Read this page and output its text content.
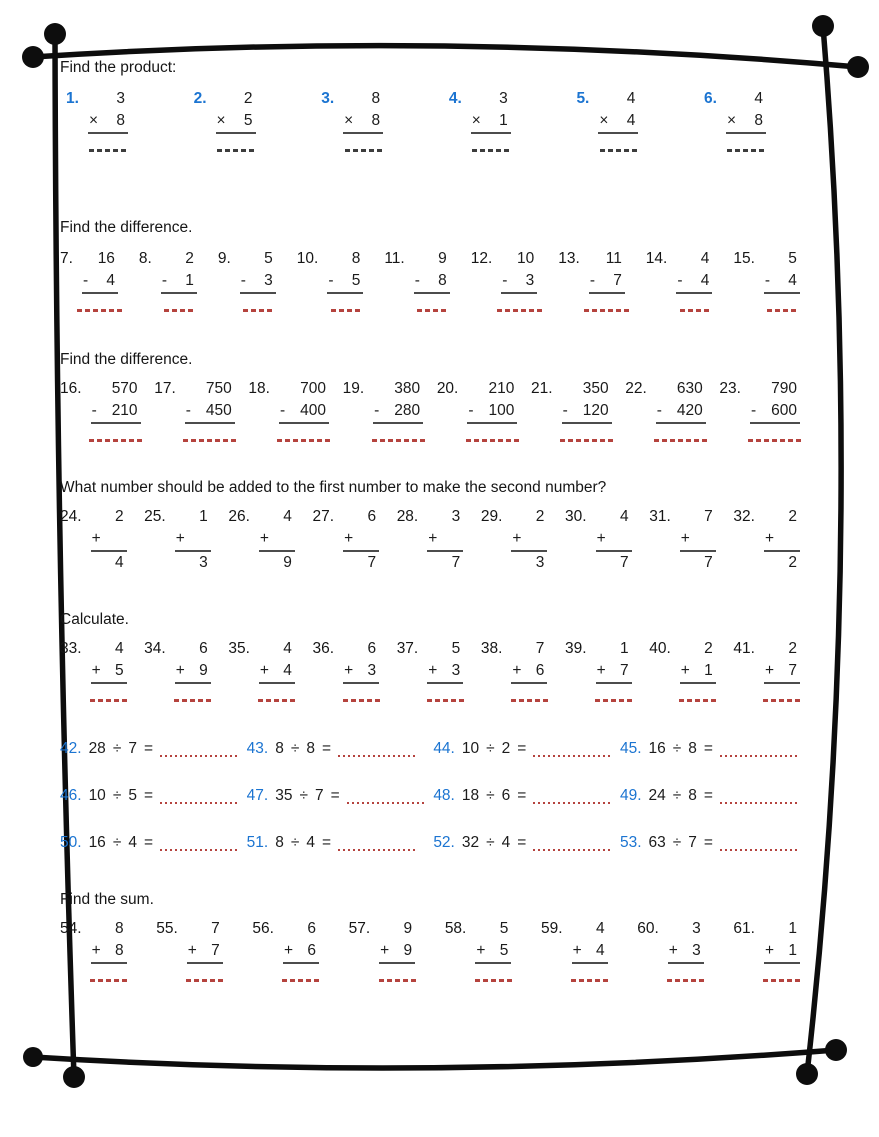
Find the product:
1. 3
× 8
2. 2
× 5
3. 8
× 8
4. 3
× 1
5. 4
× 4
6. 4
× 8
Find the difference.
7. 16
- 4
8. 2
- 1
9. 5
- 3
10. 8
- 5
11. 9
- 8
12. 10
- 3
13. 11
- 7
14. 4
- 4
15. 5
- 4
Find the difference.
16. 570
- 210
17. 750
- 450
18. 700
- 400
19. 380
- 280
20. 210
- 100
21. 350
- 120
22. 630
- 420
23. 790
- 600
What number should be added to the first number to make the second number?
24. 2
+
4
25. 1
+
3
26. 4
+
9
27. 6
+
7
28. 3
+
7
29. 2
+
3
30. 4
+
7
31. 7
+
7
32. 2
+
2
Calculate.
33. 4
+ 5
34. 6
+ 9
35. 4
+ 4
36. 6
+ 3
37. 5
+ 3
38. 7
+ 6
39. 1
+ 7
40. 2
+ 1
41. 2
+ 7
42. 28 ÷ 7 =	43. 8 ÷ 8 =	44. 10 ÷ 2 =	45. 16 ÷ 8 =
46. 10 ÷ 5 =	47. 35 ÷ 7 =	48. 18 ÷ 6 =	49. 24 ÷ 8 =
50. 16 ÷ 4 =	51. 8 ÷ 4 =	52. 32 ÷ 4 =	53. 63 ÷ 7 =
Find the sum.
54. 8
+ 8
55. 7
+ 7
56. 6
+ 6
57. 9
+ 9
58. 5
+ 5
59. 4
+ 4
60. 3
+ 3
61. 1
+ 1
